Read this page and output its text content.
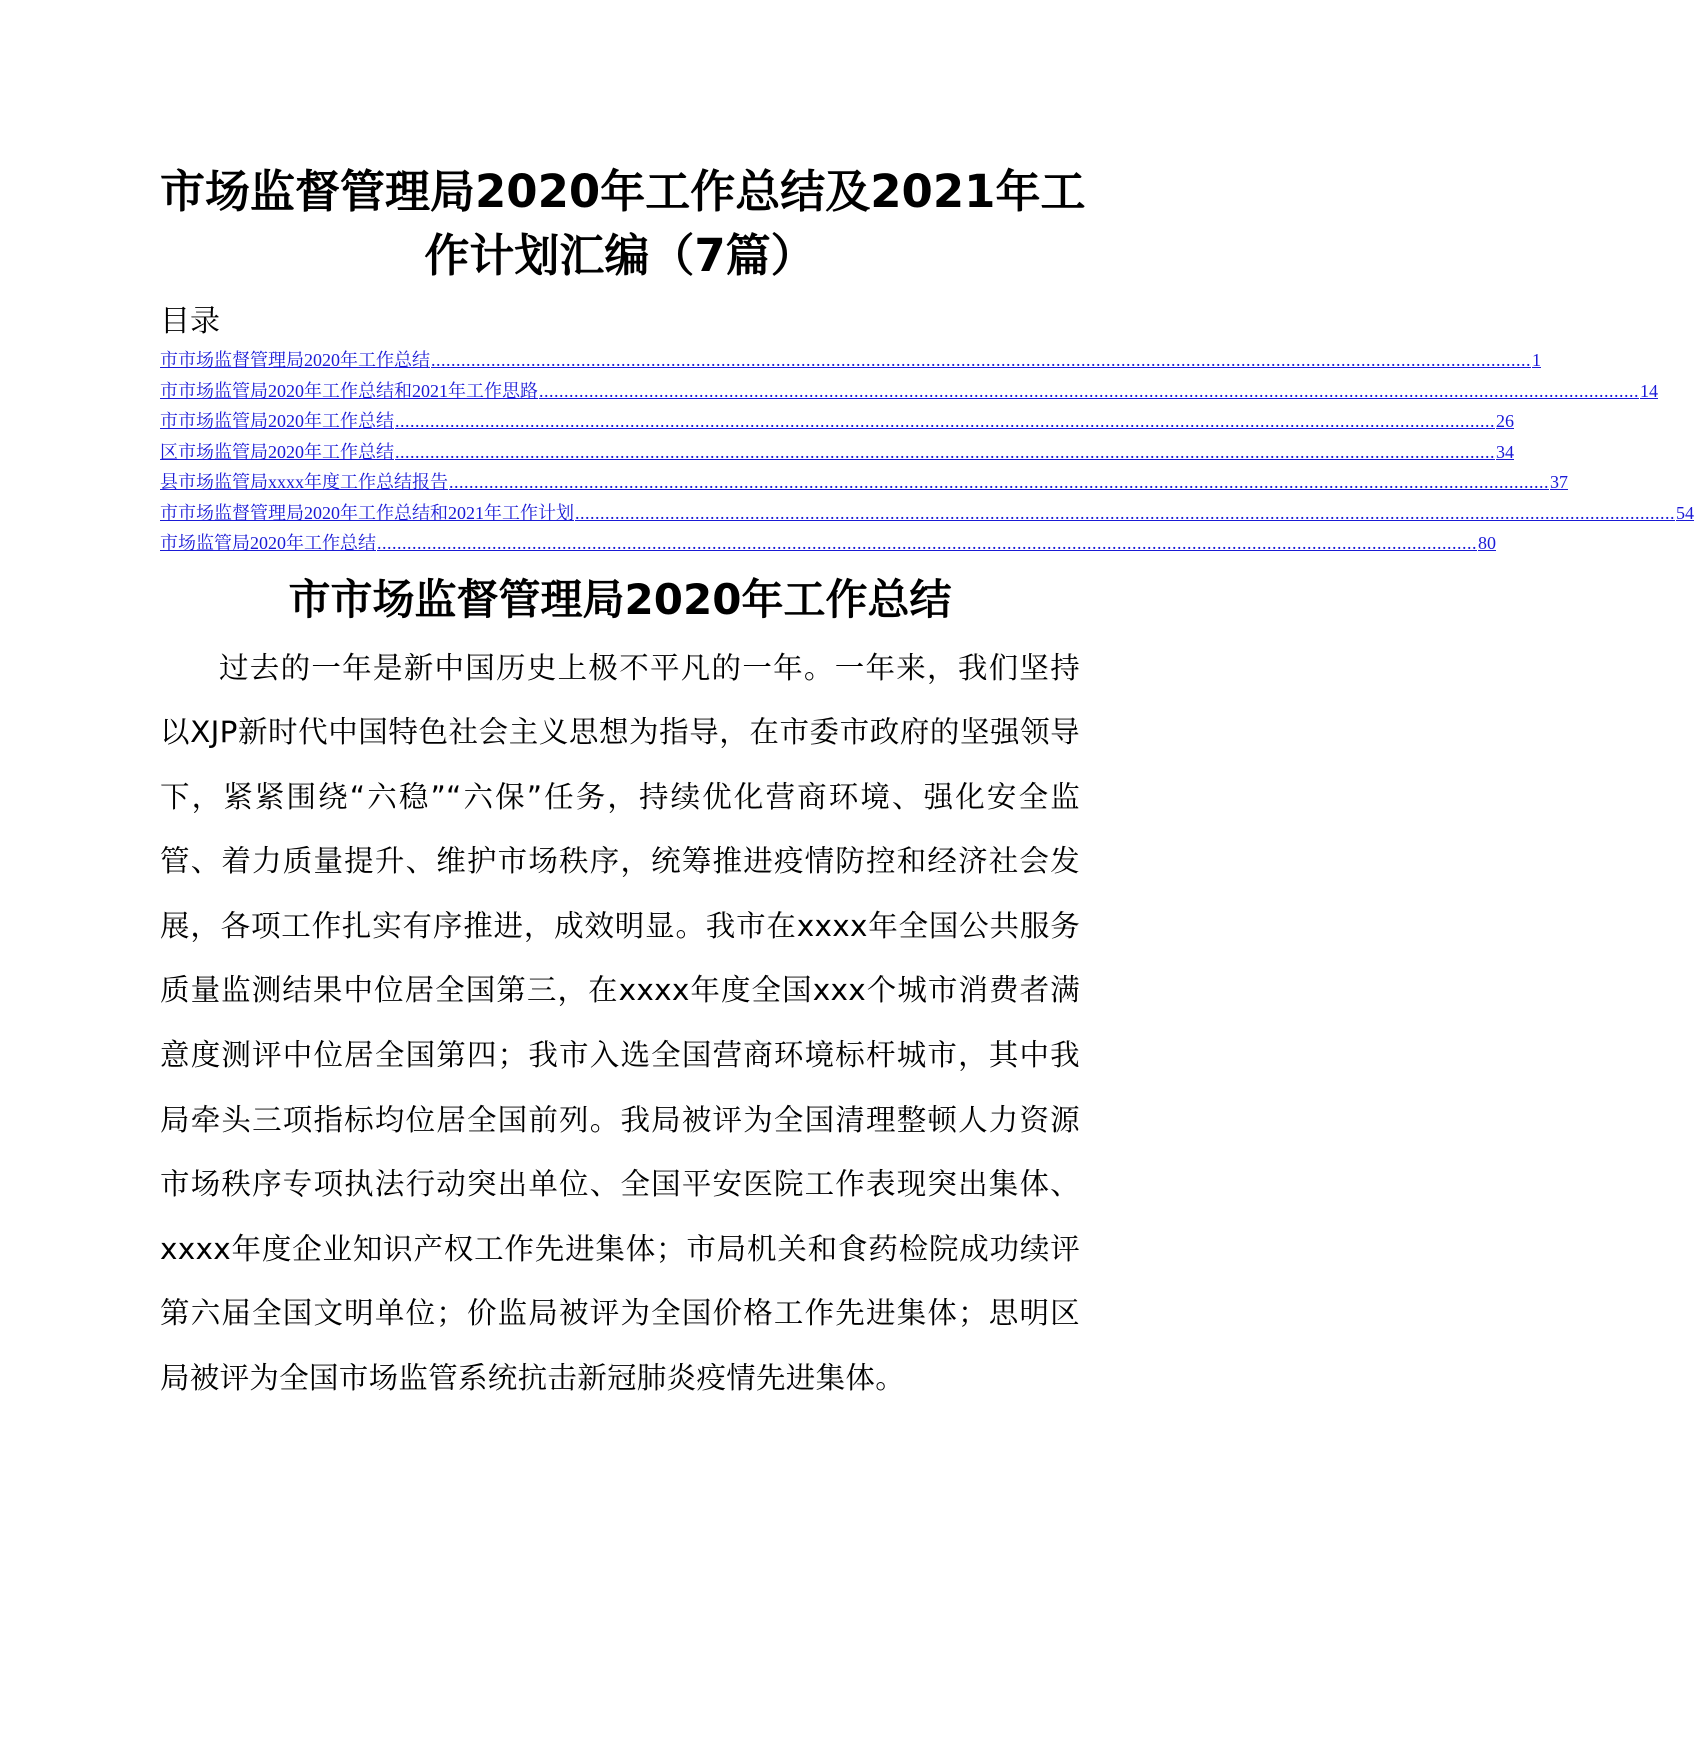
市场监督管理局2020年工作总结及2021年工
作计划汇编（7篇）
目录
市市场监督管理局2020年工作总结 ............................................................................................................................................................................................................................ 1
市市场监管局2020年工作总结和2021年工作思路 ............................................................................................................................................................................................................................ 14
市市场监管局2020年工作总结 ............................................................................................................................................................................................................................ 26
区市场监管局2020年工作总结 ............................................................................................................................................................................................................................ 34
县市场监管局xxxx年度工作总结报告 ............................................................................................................................................................................................................................ 37
市市场监督管理局2020年工作总结和2021年工作计划 ............................................................................................................................................................................................................................ 54
市场监管局2020年工作总结 ............................................................................................................................................................................................................................ 80
市市场监督管理局2020年工作总结

过去的一年是新中国历史上极不平凡的一年。一年来，我们坚持以XJP新时代中国特色社会主义思想为指导，在市委市政府的坚强领导下，紧紧围绕“六稳”“六保”任务，持续优化营商环境、强化安全监管、着力质量提升、维护市场秩序，统筹推进疫情防控和经济社会发展，各项工作扎实有序推进，成效明显。我市在xxxx年全国公共服务质量监测结果中位居全国第三，在xxxx年度全国xxx个城市消费者满意度测评中位居全国第四；我市入选全国营商环境标杆城市，其中我局牵头三项指标均位居全国前列。我局被评为全国清理整顿人力资源市场秩序专项执法行动突出单位、全国平安医院工作表现突出集体、xxxx年度企业知识产权工作先进集体；市局机关和食药检院成功续评第六届全国文明单位；价监局被评为全国价格工作先进集体；思明区局被评为全国市场监管系统抗击新冠肺炎疫情先进集体。
